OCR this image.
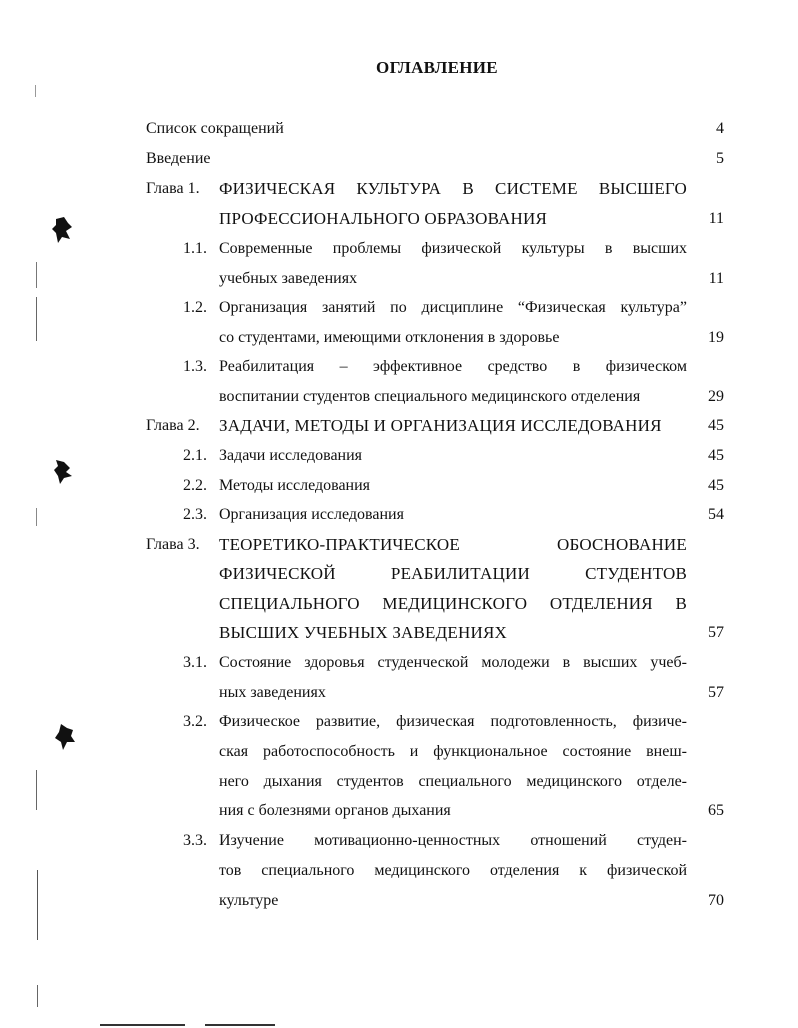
ОГЛАВЛЕНИЕ
Список сокращений	4
Введение	5
Глава 1. ФИЗИЧЕСКАЯ КУЛЬТУРА В СИСТЕМЕ ВЫСШЕГО
ПРОФЕССИОНАЛЬНОГО ОБРАЗОВАНИЯ	11
1.1. Современные проблемы физической культуры в высших
учебных заведениях	11
1.2. Организация занятий по дисциплине “Физическая культура”
со студентами, имеющими отклонения в здоровье	19
1.3. Реабилитация – эффективное средство в физическом
воспитании студентов специального медицинского отделения	29
Глава 2. ЗАДАЧИ, МЕТОДЫ И ОРГАНИЗАЦИЯ ИССЛЕДОВАНИЯ	45
2.1. Задачи исследования	45
2.2. Методы исследования	45
2.3. Организация исследования	54
Глава 3. ТЕОРЕТИКО-ПРАКТИЧЕСКОЕ ОБОСНОВАНИЕ
ФИЗИЧЕСКОЙ РЕАБИЛИТАЦИИ СТУДЕНТОВ
СПЕЦИАЛЬНОГО МЕДИЦИНСКОГО ОТДЕЛЕНИЯ В
ВЫСШИХ УЧЕБНЫХ ЗАВЕДЕНИЯХ	57
3.1. Состояние здоровья студенческой молодежи в высших учеб-
ных заведениях	57
3.2. Физическое развитие, физическая подготовленность, физиче-
ская работоспособность и функциональное состояние внеш-
него дыхания студентов специального медицинского отделе-
ния с болезнями органов дыхания	65
3.3. Изучение мотивационно-ценностных отношений студен-
тов специального медицинского отделения к физической
культуре	70
